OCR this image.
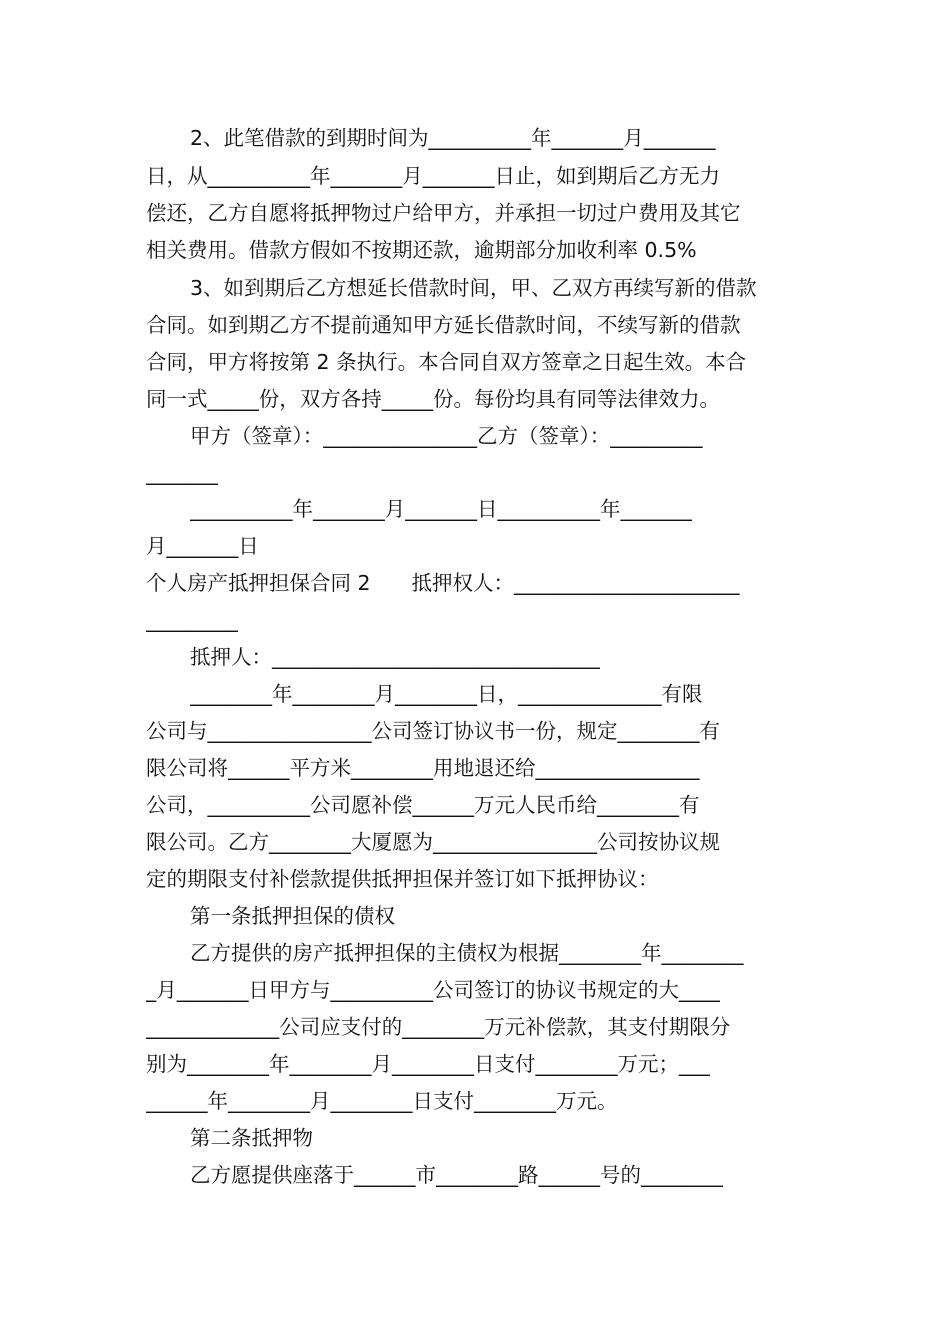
2、此笔借款的到期时间为__________年_______月_______
日，从__________年_______月_______日止，如到期后乙方无力
偿还，乙方自愿将抵押物过户给甲方，并承担一切过户费用及其它
相关费用。借款方假如不按期还款，逾期部分加收利率 0.5%
3、如到期后乙方想延长借款时间，甲、乙双方再续写新的借款
合同。如到期乙方不提前通知甲方延长借款时间，不续写新的借款
合同，甲方将按第 2 条执行。本合同自双方签章之日起生效。本合
同一式_____份，双方各持_____份。每份均具有同等法律效力。
甲方（签章）：_______________乙方（签章）：_________
_______
__________年_______月_______日__________年_______
月_______日
个人房产抵押担保合同 2　　抵押权人：______________________
_________
抵押人：________________________________
________年________月________日，______________有限
公司与________________公司签订协议书一份，规定________有
限公司将______平方米________用地退还给________________
公司，__________公司愿补偿______万元人民币给________有
限公司。乙方________大厦愿为________________公司按协议规
定的期限支付补偿款提供抵押担保并签订如下抵押协议：
第一条抵押担保的债权
乙方提供的房产抵押担保的主债权为根据________年________
_月_______日甲方与__________公司签订的协议书规定的大____
_____________公司应支付的________万元补偿款，其支付期限分
别为________年________月________日支付________万元；___
______年________月________日支付________万元。
第二条抵押物
乙方愿提供座落于______市________路______号的________
